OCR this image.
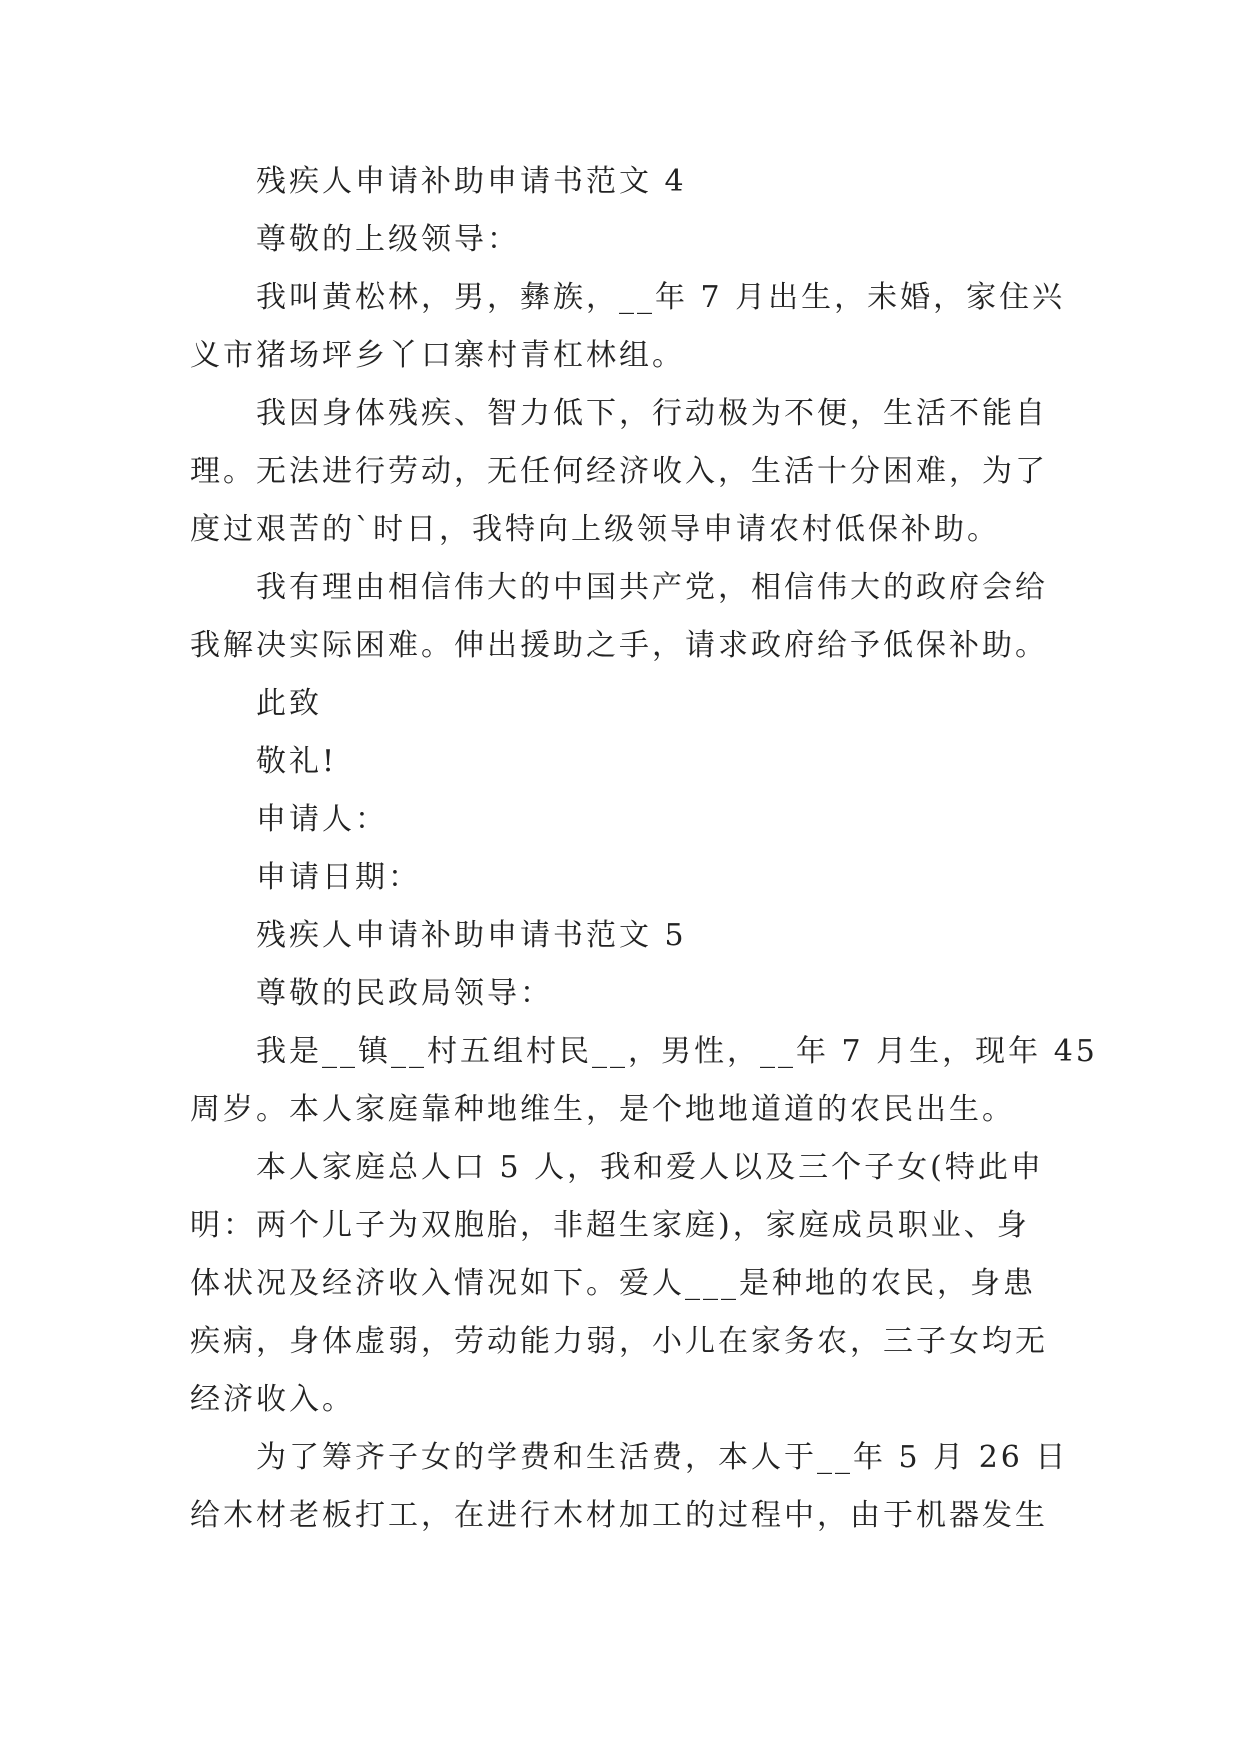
残疾人申请补助申请书范文 4

尊敬的上级领导：

我叫黄松林，男，彝族，__年 7 月出生，未婚，家住兴

义市猪场坪乡丫口寨村青杠林组。

我因身体残疾、智力低下，行动极为不便，生活不能自

理。无法进行劳动，无任何经济收入，生活十分困难，为了

度过艰苦的`时日，我特向上级领导申请农村低保补助。

我有理由相信伟大的中国共产党，相信伟大的政府会给

我解决实际困难。伸出援助之手，请求政府给予低保补助。

此致

敬礼!

申请人：

申请日期：

残疾人申请补助申请书范文 5

尊敬的民政局领导：

我是__镇__村五组村民__，男性，__年 7 月生，现年 45

周岁。本人家庭靠种地维生，是个地地道道的农民出生。

本人家庭总人口 5 人，我和爱人以及三个子女(特此申

明：两个儿子为双胞胎，非超生家庭)，家庭成员职业、身

体状况及经济收入情况如下。爱人___是种地的农民，身患

疾病，身体虚弱，劳动能力弱，小儿在家务农，三子女均无

经济收入。

为了筹齐子女的学费和生活费，本人于__年 5 月 26 日

给木材老板打工，在进行木材加工的过程中，由于机器发生
